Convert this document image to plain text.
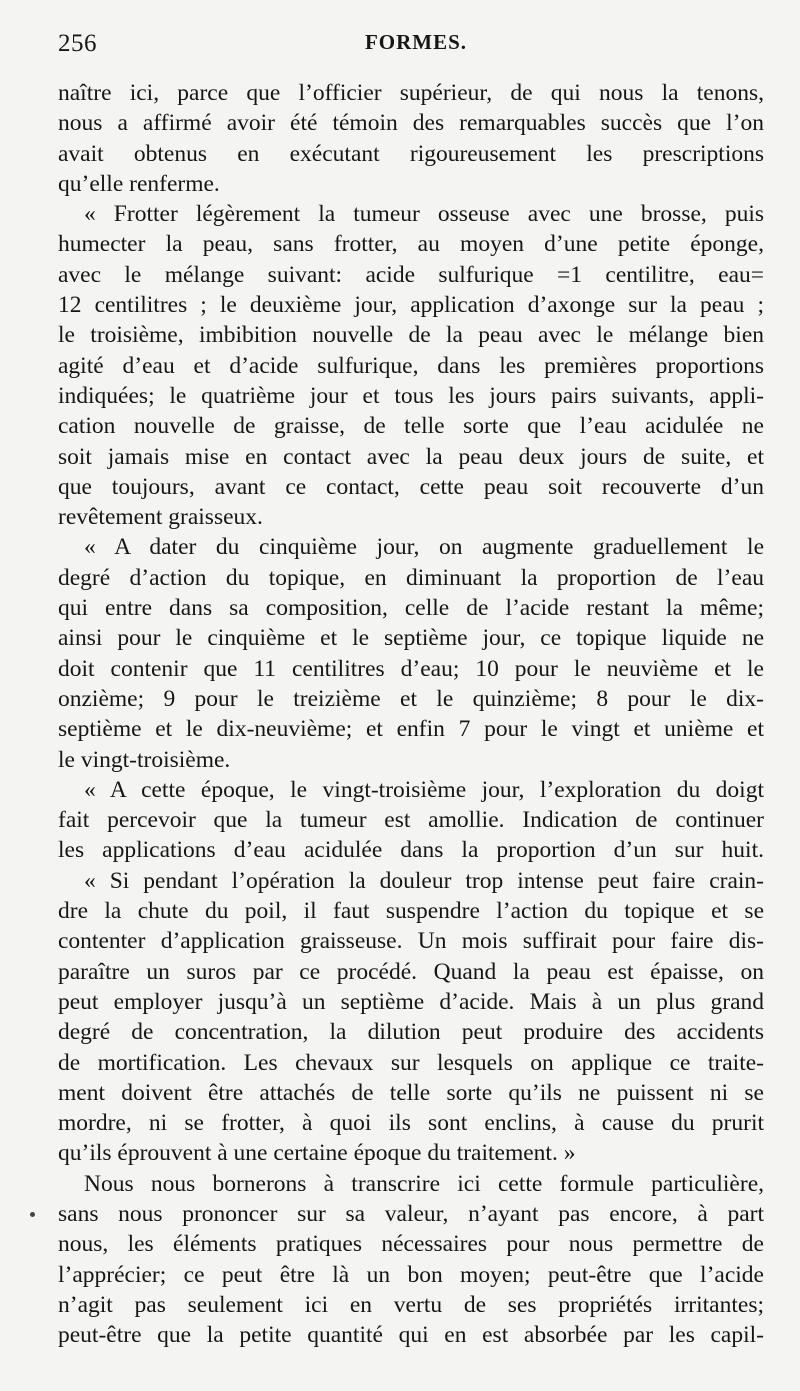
256	FORMES.
naître ici, parce que l’officier supérieur, de qui nous la tenons,
nous a affirmé avoir été témoin des remarquables succès que l’on
avait obtenus en exécutant rigoureusement les prescriptions
qu’elle renferme.
« Frotter légèrement la tumeur osseuse avec une brosse, puis
humecter la peau, sans frotter, au moyen d’une petite éponge,
avec le mélange suivant: acide sulfurique =1 centilitre, eau=
12 centilitres ; le deuxième jour, application d’axonge sur la peau ;
le troisième, imbibition nouvelle de la peau avec le mélange bien
agité d’eau et d’acide sulfurique, dans les premières proportions
indiquées; le quatrième jour et tous les jours pairs suivants, appli-
cation nouvelle de graisse, de telle sorte que l’eau acidulée ne
soit jamais mise en contact avec la peau deux jours de suite, et
que toujours, avant ce contact, cette peau soit recouverte d’un
revêtement graisseux.
« A dater du cinquième jour, on augmente graduellement le
degré d’action du topique, en diminuant la proportion de l’eau
qui entre dans sa composition, celle de l’acide restant la même;
ainsi pour le cinquième et le septième jour, ce topique liquide ne
doit contenir que 11 centilitres d’eau; 10 pour le neuvième et le
onzième; 9 pour le treizième et le quinzième; 8 pour le dix-
septième et le dix-neuvième; et enfin 7 pour le vingt et unième et
le vingt-troisième.
« A cette époque, le vingt-troisième jour, l’exploration du doigt
fait percevoir que la tumeur est amollie. Indication de continuer
les applications d’eau acidulée dans la proportion d’un sur huit.
« Si pendant l’opération la douleur trop intense peut faire crain-
dre la chute du poil, il faut suspendre l’action du topique et se
contenter d’application graisseuse. Un mois suffirait pour faire dis-
paraître un suros par ce procédé. Quand la peau est épaisse, on
peut employer jusqu’à un septième d’acide. Mais à un plus grand
degré de concentration, la dilution peut produire des accidents
de mortification. Les chevaux sur lesquels on applique ce traite-
ment doivent être attachés de telle sorte qu’ils ne puissent ni se
mordre, ni se frotter, à quoi ils sont enclins, à cause du prurit
qu’ils éprouvent à une certaine époque du traitement. »
Nous nous bornerons à transcrire ici cette formule particulière,
sans nous prononcer sur sa valeur, n’ayant pas encore, à part
nous, les éléments pratiques nécessaires pour nous permettre de
l’apprécier; ce peut être là un bon moyen; peut-être que l’acide
n’agit pas seulement ici en vertu de ses propriétés irritantes;
peut-être que la petite quantité qui en est absorbée par les capil-
